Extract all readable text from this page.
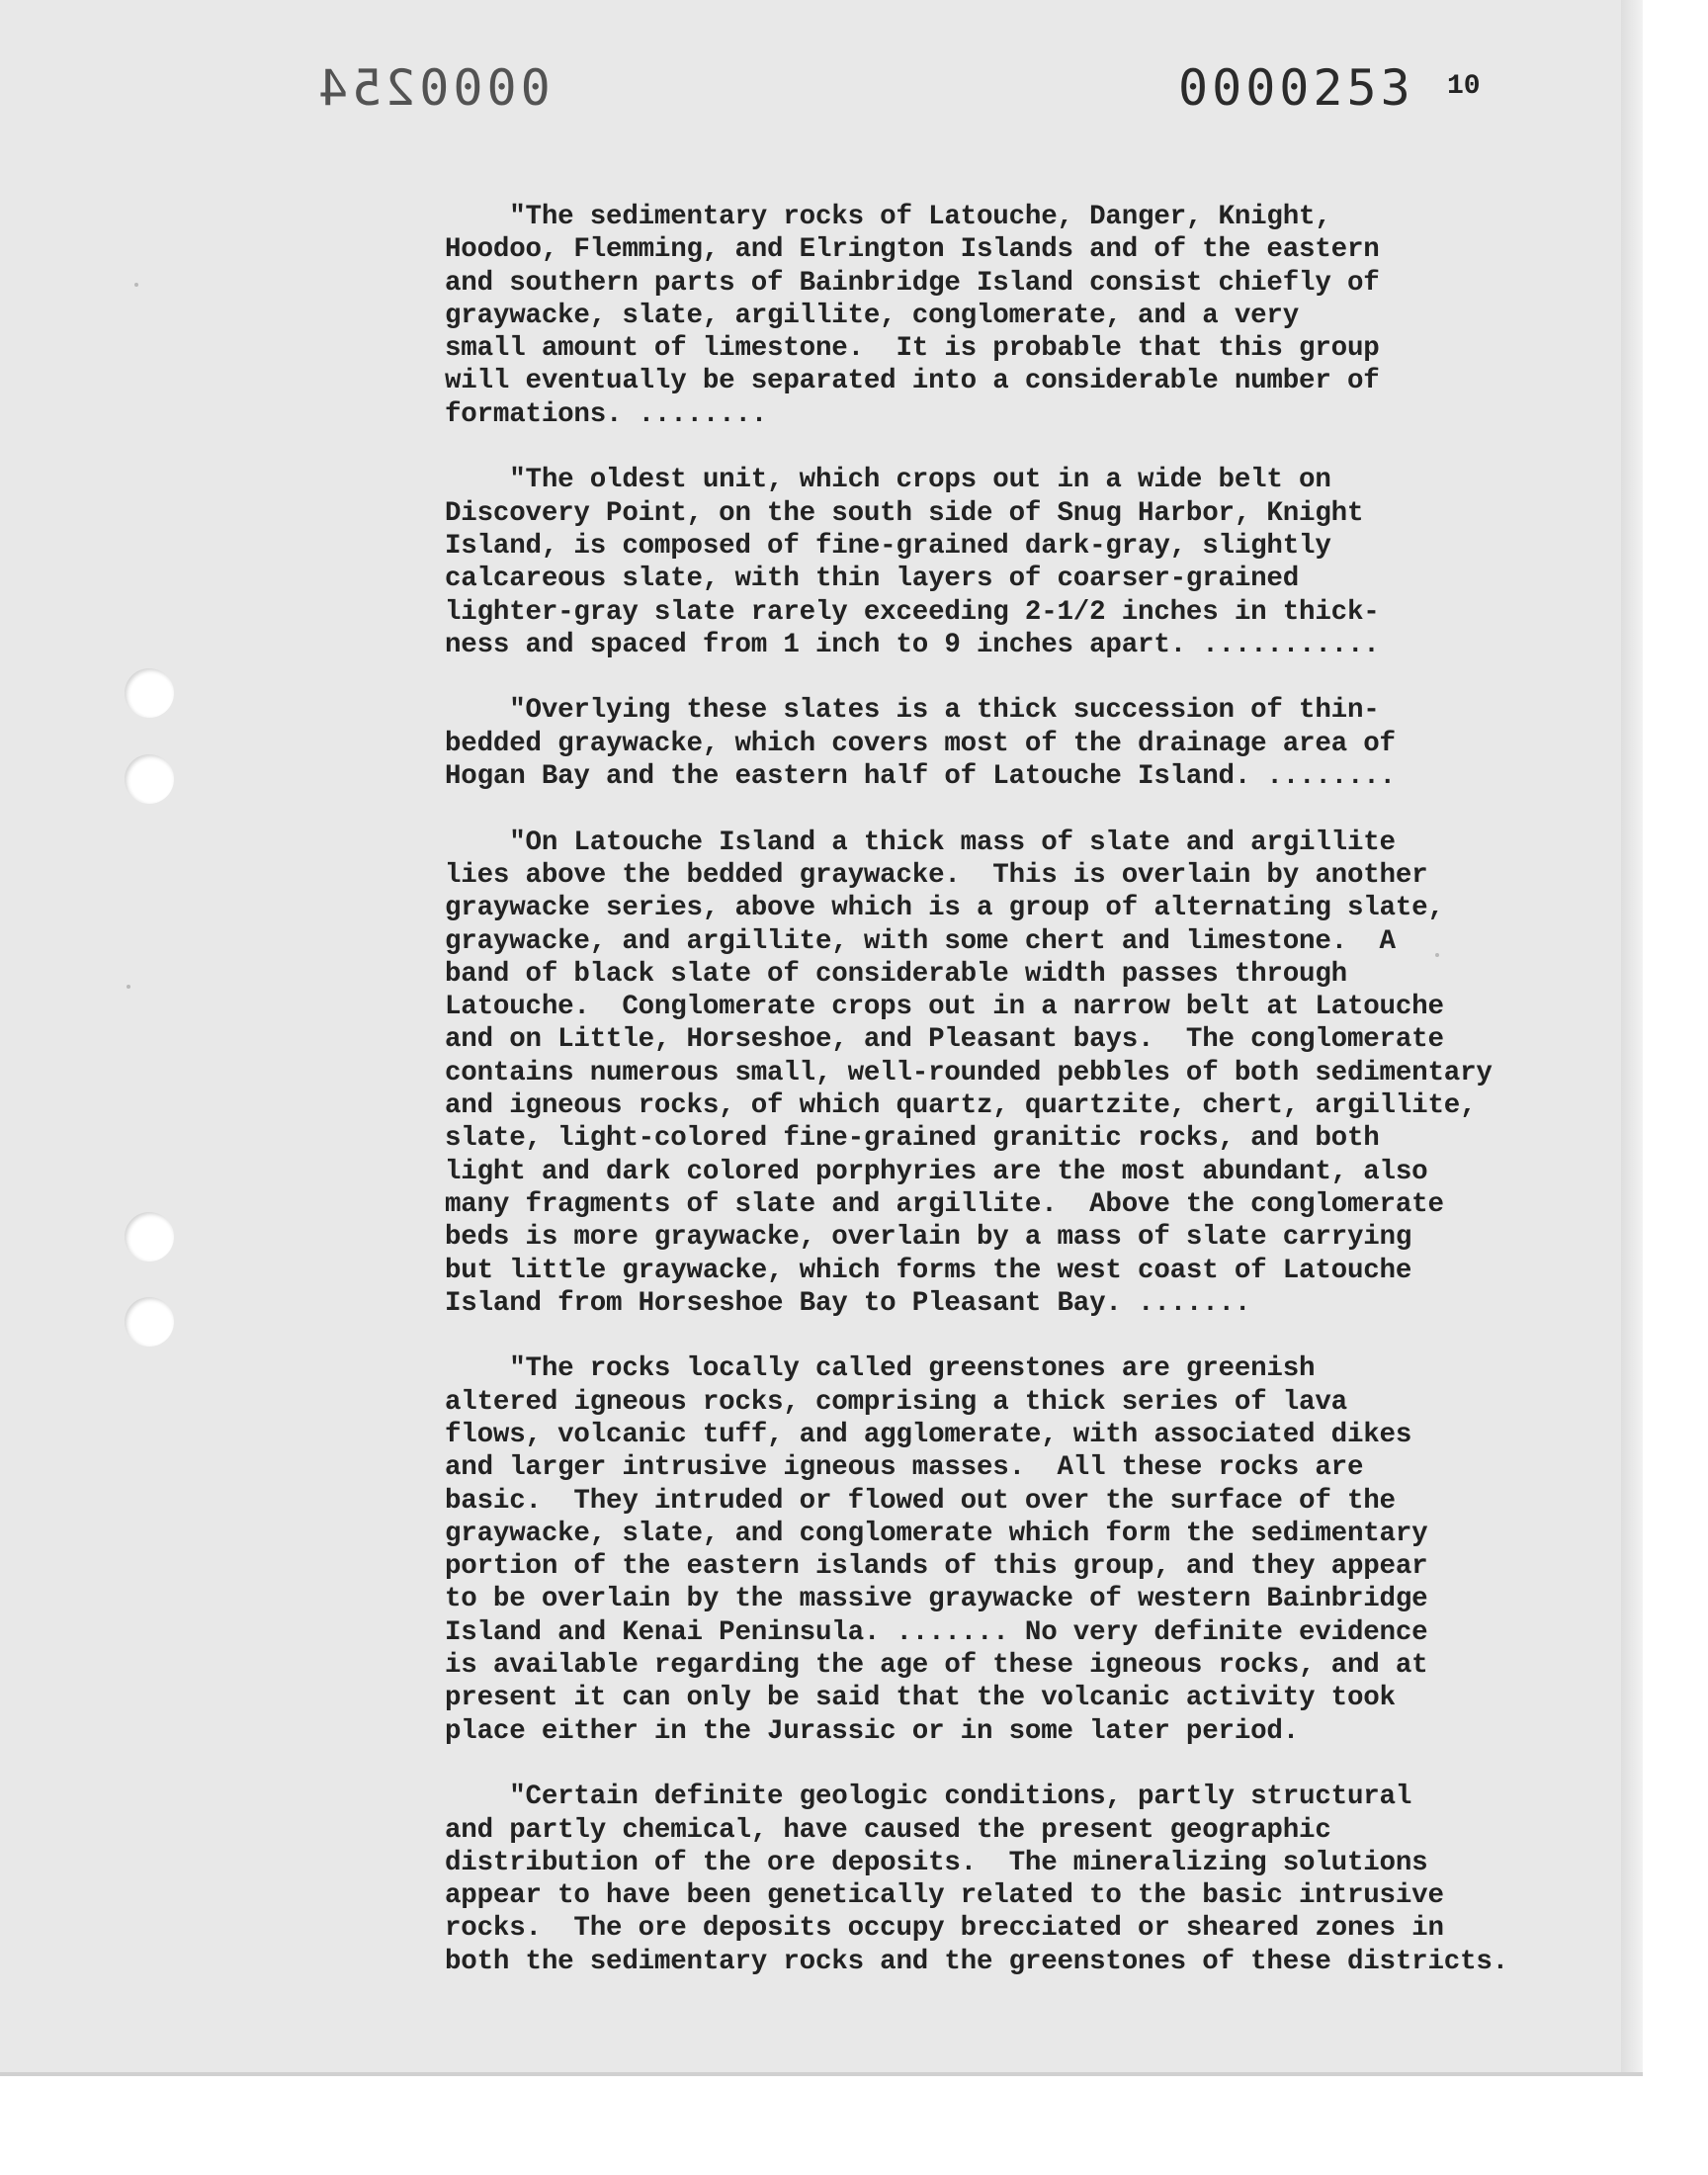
0000254	0000253 10
"The sedimentary rocks of Latouche, Danger, Knight,
Hoodoo, Flemming, and Elrington Islands and of the eastern
and southern parts of Bainbridge Island consist chiefly of
graywacke, slate, argillite, conglomerate, and a very
small amount of limestone.  It is probable that this group
will eventually be separated into a considerable number of
formations. ........
"The oldest unit, which crops out in a wide belt on
Discovery Point, on the south side of Snug Harbor, Knight
Island, is composed of fine-grained dark-gray, slightly
calcareous slate, with thin layers of coarser-grained
lighter-gray slate rarely exceeding 2-1/2 inches in thick-
ness and spaced from 1 inch to 9 inches apart. ...........
"Overlying these slates is a thick succession of thin-
bedded graywacke, which covers most of the drainage area of
Hogan Bay and the eastern half of Latouche Island. ........
"On Latouche Island a thick mass of slate and argillite
lies above the bedded graywacke.  This is overlain by another
graywacke series, above which is a group of alternating slate,
graywacke, and argillite, with some chert and limestone.  A
band of black slate of considerable width passes through
Latouche.  Conglomerate crops out in a narrow belt at Latouche
and on Little, Horseshoe, and Pleasant bays.  The conglomerate
contains numerous small, well-rounded pebbles of both sedimentary
and igneous rocks, of which quartz, quartzite, chert, argillite,
slate, light-colored fine-grained granitic rocks, and both
light and dark colored porphyries are the most abundant, also
many fragments of slate and argillite.  Above the conglomerate
beds is more graywacke, overlain by a mass of slate carrying
but little graywacke, which forms the west coast of Latouche
Island from Horseshoe Bay to Pleasant Bay. .......
"The rocks locally called greenstones are greenish
altered igneous rocks, comprising a thick series of lava
flows, volcanic tuff, and agglomerate, with associated dikes
and larger intrusive igneous masses.  All these rocks are
basic.  They intruded or flowed out over the surface of the
graywacke, slate, and conglomerate which form the sedimentary
portion of the eastern islands of this group, and they appear
to be overlain by the massive graywacke of western Bainbridge
Island and Kenai Peninsula. ....... No very definite evidence
is available regarding the age of these igneous rocks, and at
present it can only be said that the volcanic activity took
place either in the Jurassic or in some later period.
"Certain definite geologic conditions, partly structural
and partly chemical, have caused the present geographic
distribution of the ore deposits.  The mineralizing solutions
appear to have been genetically related to the basic intrusive
rocks.  The ore deposits occupy brecciated or sheared zones in
both the sedimentary rocks and the greenstones of these districts.
